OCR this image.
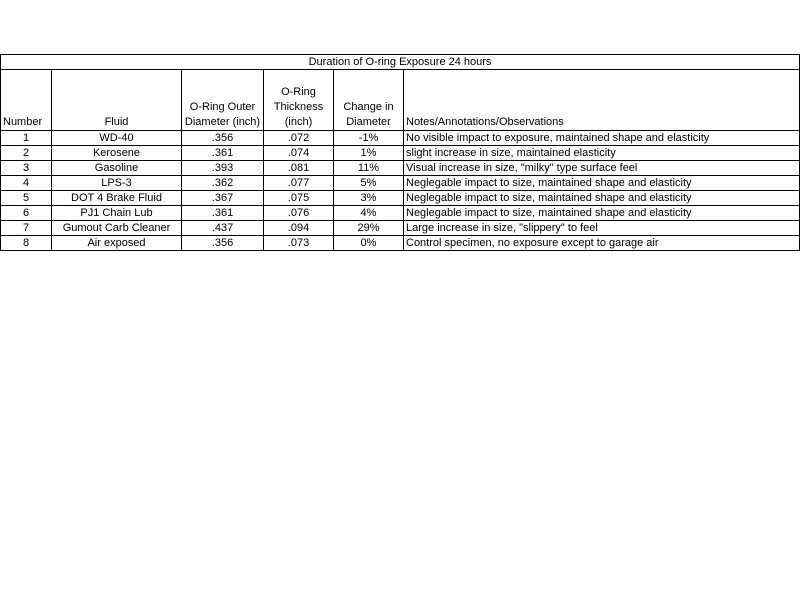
Duration of O-ring Exposure 24 hours					
Number	Fluid	O-Ring Outer Diameter (inch)	O-Ring Thickness (inch)	Change in Diameter	Notes/Annotations/Observations
1	WD-40	.356	.072	-1%	No visible impact to exposure, maintained shape and elasticity
2	Kerosene	.361	.074	1%	slight increase in size, maintained elasticity
3	Gasoline	.393	.081	11%	Visual increase in size, "milky" type surface feel
4	LPS-3	.362	.077	5%	Neglegable impact to size, maintained shape and elasticity
5	DOT 4 Brake Fluid	.367	.075	3%	Neglegable impact to size, maintained shape and elasticity
6	PJ1 Chain Lub	.361	.076	4%	Neglegable impact to size, maintained shape and elasticity
7	Gumout Carb Cleaner	.437	.094	29%	Large increase in size, "slippery" to feel
8	Air exposed	.356	.073	0%	Control specimen, no exposure except to garage air
